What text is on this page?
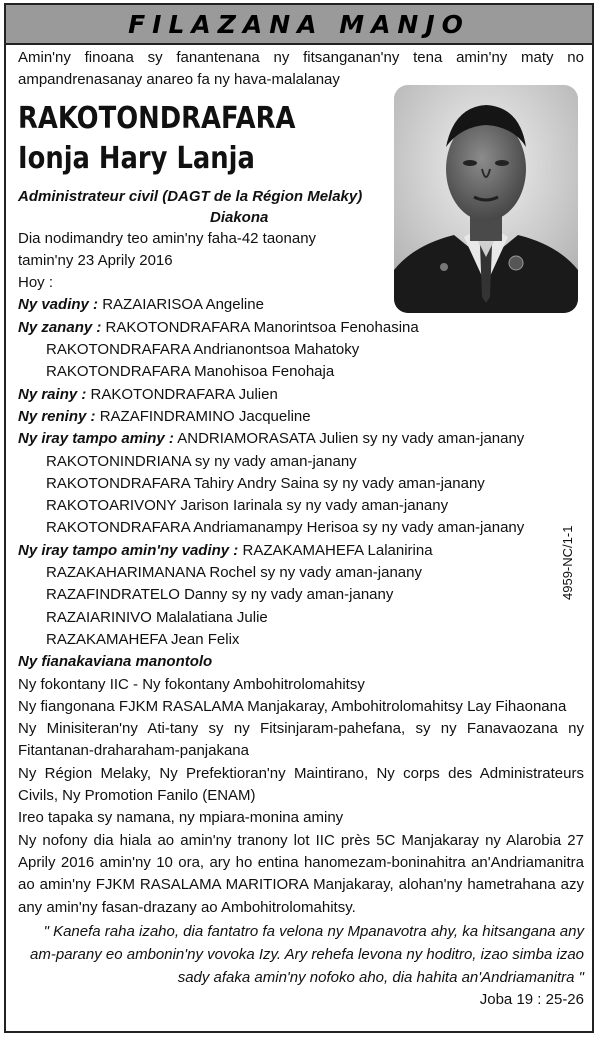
FILAZANA MANJO

Amin'ny finoana sy fanantenana ny fitsanganan'ny tena amin'ny maty no ampandrenasanay anareo fa ny hava-malalanay

RAKOTONDRAFARA
Ionja Hary Lanja
Administrateur civil (DAGT de la Région Melaky)
Diakona
Dia nodimandry teo amin'ny faha-42 taonany
tamin'ny 23 Aprily 2016
Hoy :
Ny vadiny : RAZAIARISOA Angeline
Ny zanany : RAKOTONDRAFARA Manorintsoa Fenohasina
RAKOTONDRAFARA Andrianontsoa Mahatoky
RAKOTONDRAFARA Manohisoa Fenohaja
Ny rainy : RAKOTONDRAFARA Julien
Ny reniny : RAZAFINDRAMINO Jacqueline
Ny iray tampo aminy : ANDRIAMORASATA Julien sy ny vady aman-janany
RAKOTONINDRIANA sy ny vady aman-janany
RAKOTONDRAFARA Tahiry Andry Saina sy ny vady aman-janany
RAKOTOARIVONY Jarison Iarinala sy ny vady aman-janany
RAKOTONDRAFARA Andriamanampy Herisoa sy ny vady aman-janany
Ny iray tampo amin'ny vadiny : RAZAKAMAHEFA Lalanirina
RAZAKAHARIMANANA Rochel sy ny vady aman-janany
RAZAFINDRATELO Danny sy ny vady aman-janany
RAZAIARINIVO Malalatiana Julie
RAZAKAMAHEFA Jean Felix
Ny fianakaviana manontolo
Ny fokontany IIC - Ny fokontany Ambohitrolomahitsy
Ny fiangonana FJKM RASALAMA Manjakaray, Ambohitrolomahitsy Lay Fihaonana
Ny Minisiteran'ny Ati-tany sy ny Fitsinjaram-pahefana, sy ny Fanavaozana ny Fitantanan-draharaham-panjakana
Ny Région Melaky, Ny Prefektioran'ny Maintirano, Ny corps des Administrateurs Civils, Ny Promotion Fanilo (ENAM)
Ireo tapaka sy namana, ny mpiara-monina aminy
Ny nofony dia hiala ao amin'ny tranony lot IIC près 5C Manjakaray ny Alarobia 27 Aprily 2016 amin'ny 10 ora, ary ho entina hanomezam-boninahitra an'Andriamanitra ao amin'ny FJKM RASALAMA MARITIORA Manjakaray, alohan'ny hametrahana azy any amin'ny fasan-drazany ao Ambohitrolomahitsy.
" Kanefa raha izaho, dia fantatro fa velona ny Mpanavotra ahy, ka hitsangana any am-parany eo ambonin'ny vovoka Izy. Ary rehefa levona ny hoditro, izao simba izao sady afaka amin'ny nofoko aho, dia hahita an'Andriamanitra "
Joba 19 : 25-26
4959-NC/1-1
